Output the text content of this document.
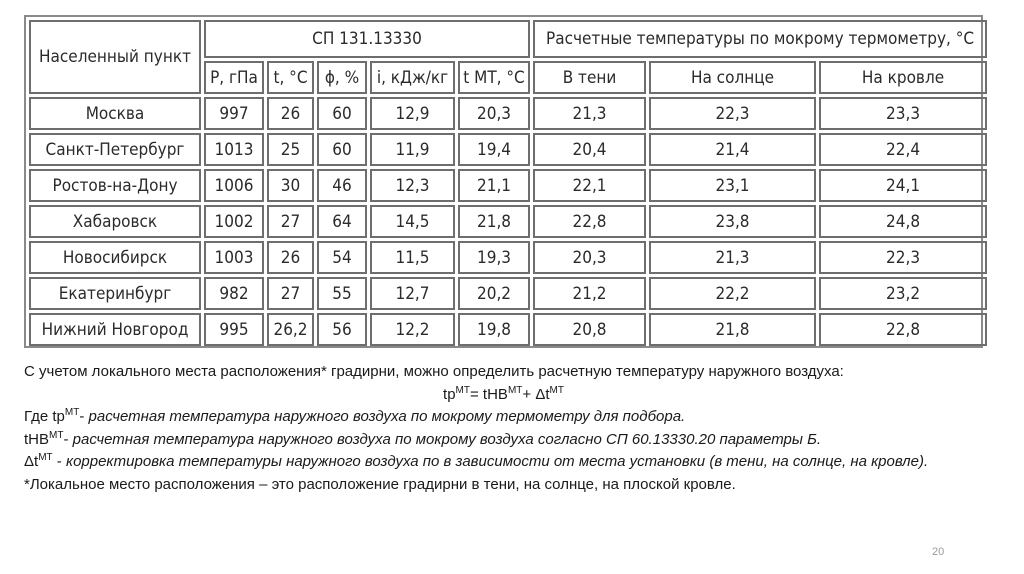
Населенный пункт	СП 131.13330					Расчетные температуры по мокрому термометру, °С		
	P, гПа	t, °С	ϕ, %	i, кДж/кг	t МТ, °С	В тени	На солнце	На кровле
Москва	997	26	60	12,9	20,3	21,3	22,3	23,3
Санкт-Петербург	1013	25	60	11,9	19,4	20,4	21,4	22,4
Ростов-на-Дону	1006	30	46	12,3	21,1	22,1	23,1	24,1
Хабаровск	1002	27	64	14,5	21,8	22,8	23,8	24,8
Новосибирск	1003	26	54	11,5	19,3	20,3	21,3	22,3
Екатеринбург	982	27	55	12,7	20,2	21,2	22,2	23,2
Нижний Новгород	995	26,2	56	12,2	19,8	20,8	21,8	22,8

С учетом локального места расположения* градирни, можно определить расчетную температуру наружного воздуха:

$tр^{МТ}= tНВ^{МТ}+ \Delta t^{МТ}$

Где $tр^{МТ}-$ расчетная температура наружного воздуха по мокрому термометру для подбора.

tНВ$^{МТ}$- расчетная температура наружного воздуха по мокрому воздуха согласно СП 60.13330.20 параметры Б.

$\Delta t^{МТ}$ - корректировка температуры наружного воздуха по в зависимости от места установки (в тени, на солнце, на кровле).

*Локальное место расположения – это расположение градирни в тени, на солнце, на плоской кровле.

20
